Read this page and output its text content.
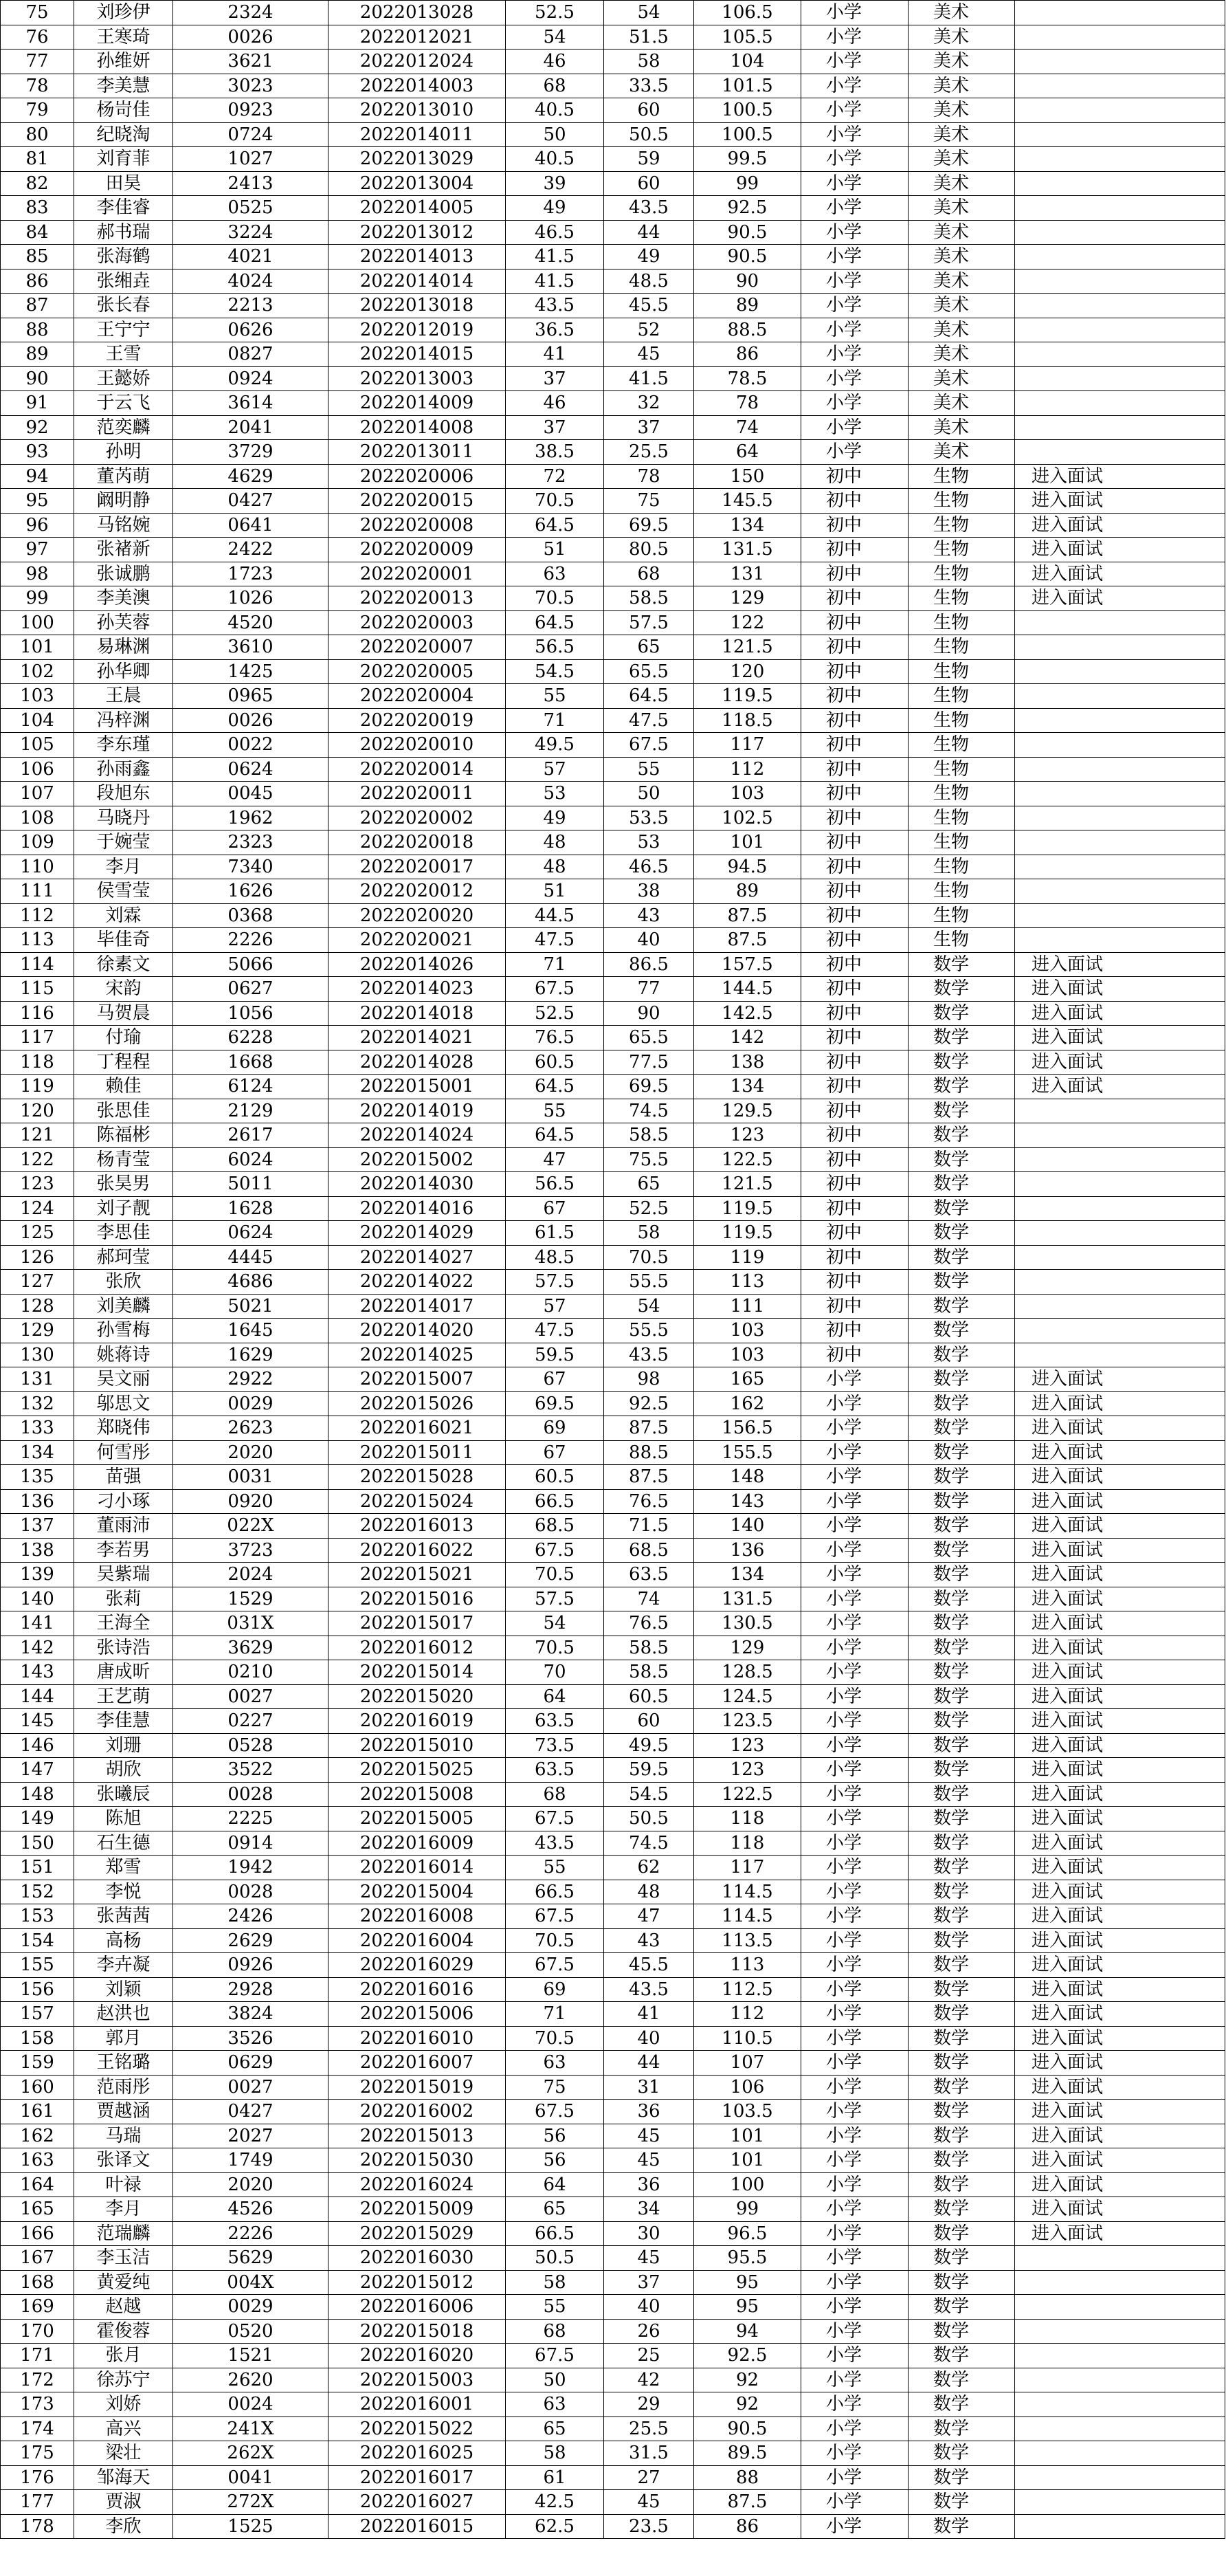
75	刘珍伊	2324	2022013028	52.5	54	106.5	小学	美术	
76	王寒琦	0026	2022012021	54	51.5	105.5	小学	美术	
77	孙维妍	3621	2022012024	46	58	104	小学	美术	
78	李美慧	3023	2022014003	68	33.5	101.5	小学	美术	
79	杨岢佳	0923	2022013010	40.5	60	100.5	小学	美术	
80	纪晓淘	0724	2022014011	50	50.5	100.5	小学	美术	
81	刘育菲	1027	2022013029	40.5	59	99.5	小学	美术	
82	田昊	2413	2022013004	39	60	99	小学	美术	
83	李佳睿	0525	2022014005	49	43.5	92.5	小学	美术	
84	郝书瑞	3224	2022013012	46.5	44	90.5	小学	美术	
85	张海鹤	4021	2022014013	41.5	49	90.5	小学	美术	
86	张缃垚	4024	2022014014	41.5	48.5	90	小学	美术	
87	张长春	2213	2022013018	43.5	45.5	89	小学	美术	
88	王宁宁	0626	2022012019	36.5	52	88.5	小学	美术	
89	王雪	0827	2022014015	41	45	86	小学	美术	
90	王懿娇	0924	2022013003	37	41.5	78.5	小学	美术	
91	于云飞	3614	2022014009	46	32	78	小学	美术	
92	范奕麟	2041	2022014008	37	37	74	小学	美术	
93	孙明	3729	2022013011	38.5	25.5	64	小学	美术	
94	董芮萌	4629	2022020006	72	78	150	初中	生物	进入面试
95	阚明静	0427	2022020015	70.5	75	145.5	初中	生物	进入面试
96	马铭婉	0641	2022020008	64.5	69.5	134	初中	生物	进入面试
97	张禇新	2422	2022020009	51	80.5	131.5	初中	生物	进入面试
98	张诚鹏	1723	2022020001	63	68	131	初中	生物	进入面试
99	李美澳	1026	2022020013	70.5	58.5	129	初中	生物	进入面试
100	孙芙蓉	4520	2022020003	64.5	57.5	122	初中	生物	
101	易琳渊	3610	2022020007	56.5	65	121.5	初中	生物	
102	孙华卿	1425	2022020005	54.5	65.5	120	初中	生物	
103	王晨	0965	2022020004	55	64.5	119.5	初中	生物	
104	冯梓渊	0026	2022020019	71	47.5	118.5	初中	生物	
105	李东瑾	0022	2022020010	49.5	67.5	117	初中	生物	
106	孙雨鑫	0624	2022020014	57	55	112	初中	生物	
107	段旭东	0045	2022020011	53	50	103	初中	生物	
108	马晓丹	1962	2022020002	49	53.5	102.5	初中	生物	
109	于婉莹	2323	2022020018	48	53	101	初中	生物	
110	李月	7340	2022020017	48	46.5	94.5	初中	生物	
111	侯雪莹	1626	2022020012	51	38	89	初中	生物	
112	刘霖	0368	2022020020	44.5	43	87.5	初中	生物	
113	毕佳奇	2226	2022020021	47.5	40	87.5	初中	生物	
114	徐素文	5066	2022014026	71	86.5	157.5	初中	数学	进入面试
115	宋韵	0627	2022014023	67.5	77	144.5	初中	数学	进入面试
116	马贺晨	1056	2022014018	52.5	90	142.5	初中	数学	进入面试
117	付瑜	6228	2022014021	76.5	65.5	142	初中	数学	进入面试
118	丁程程	1668	2022014028	60.5	77.5	138	初中	数学	进入面试
119	赖佳	6124	2022015001	64.5	69.5	134	初中	数学	进入面试
120	张思佳	2129	2022014019	55	74.5	129.5	初中	数学	
121	陈福彬	2617	2022014024	64.5	58.5	123	初中	数学	
122	杨青莹	6024	2022015002	47	75.5	122.5	初中	数学	
123	张昊男	5011	2022014030	56.5	65	121.5	初中	数学	
124	刘子靓	1628	2022014016	67	52.5	119.5	初中	数学	
125	李思佳	0624	2022014029	61.5	58	119.5	初中	数学	
126	郝珂莹	4445	2022014027	48.5	70.5	119	初中	数学	
127	张欣	4686	2022014022	57.5	55.5	113	初中	数学	
128	刘美麟	5021	2022014017	57	54	111	初中	数学	
129	孙雪梅	1645	2022014020	47.5	55.5	103	初中	数学	
130	姚蒋诗	1629	2022014025	59.5	43.5	103	初中	数学	
131	吴文丽	2922	2022015007	67	98	165	小学	数学	进入面试
132	邬思文	0029	2022015026	69.5	92.5	162	小学	数学	进入面试
133	郑晓伟	2623	2022016021	69	87.5	156.5	小学	数学	进入面试
134	何雪彤	2020	2022015011	67	88.5	155.5	小学	数学	进入面试
135	苗强	0031	2022015028	60.5	87.5	148	小学	数学	进入面试
136	刁小琢	0920	2022015024	66.5	76.5	143	小学	数学	进入面试
137	董雨沛	022X	2022016013	68.5	71.5	140	小学	数学	进入面试
138	李若男	3723	2022016022	67.5	68.5	136	小学	数学	进入面试
139	吴紫瑞	2024	2022015021	70.5	63.5	134	小学	数学	进入面试
140	张莉	1529	2022015016	57.5	74	131.5	小学	数学	进入面试
141	王海全	031X	2022015017	54	76.5	130.5	小学	数学	进入面试
142	张诗浩	3629	2022016012	70.5	58.5	129	小学	数学	进入面试
143	唐成昕	0210	2022015014	70	58.5	128.5	小学	数学	进入面试
144	王艺萌	0027	2022015020	64	60.5	124.5	小学	数学	进入面试
145	李佳慧	0227	2022016019	63.5	60	123.5	小学	数学	进入面试
146	刘珊	0528	2022015010	73.5	49.5	123	小学	数学	进入面试
147	胡欣	3522	2022015025	63.5	59.5	123	小学	数学	进入面试
148	张曦辰	0028	2022015008	68	54.5	122.5	小学	数学	进入面试
149	陈旭	2225	2022015005	67.5	50.5	118	小学	数学	进入面试
150	石生德	0914	2022016009	43.5	74.5	118	小学	数学	进入面试
151	郑雪	1942	2022016014	55	62	117	小学	数学	进入面试
152	李悦	0028	2022015004	66.5	48	114.5	小学	数学	进入面试
153	张茜茜	2426	2022016008	67.5	47	114.5	小学	数学	进入面试
154	高杨	2629	2022016004	70.5	43	113.5	小学	数学	进入面试
155	李卉凝	0926	2022016029	67.5	45.5	113	小学	数学	进入面试
156	刘颖	2928	2022016016	69	43.5	112.5	小学	数学	进入面试
157	赵洪也	3824	2022015006	71	41	112	小学	数学	进入面试
158	郭月	3526	2022016010	70.5	40	110.5	小学	数学	进入面试
159	王铭璐	0629	2022016007	63	44	107	小学	数学	进入面试
160	范雨彤	0027	2022015019	75	31	106	小学	数学	进入面试
161	贾越涵	0427	2022016002	67.5	36	103.5	小学	数学	进入面试
162	马瑞	2027	2022015013	56	45	101	小学	数学	进入面试
163	张译文	1749	2022015030	56	45	101	小学	数学	进入面试
164	叶禄	2020	2022016024	64	36	100	小学	数学	进入面试
165	李月	4526	2022015009	65	34	99	小学	数学	进入面试
166	范瑞麟	2226	2022015029	66.5	30	96.5	小学	数学	进入面试
167	李玉洁	5629	2022016030	50.5	45	95.5	小学	数学	
168	黄爱纯	004X	2022015012	58	37	95	小学	数学	
169	赵越	0029	2022016006	55	40	95	小学	数学	
170	霍俊蓉	0520	2022015018	68	26	94	小学	数学	
171	张月	1521	2022016020	67.5	25	92.5	小学	数学	
172	徐苏宁	2620	2022015003	50	42	92	小学	数学	
173	刘娇	0024	2022016001	63	29	92	小学	数学	
174	高兴	241X	2022015022	65	25.5	90.5	小学	数学	
175	梁壮	262X	2022016025	58	31.5	89.5	小学	数学	
176	邹海天	0041	2022016017	61	27	88	小学	数学	
177	贾淑	272X	2022016027	42.5	45	87.5	小学	数学	
178	李欣	1525	2022016015	62.5	23.5	86	小学	数学	
